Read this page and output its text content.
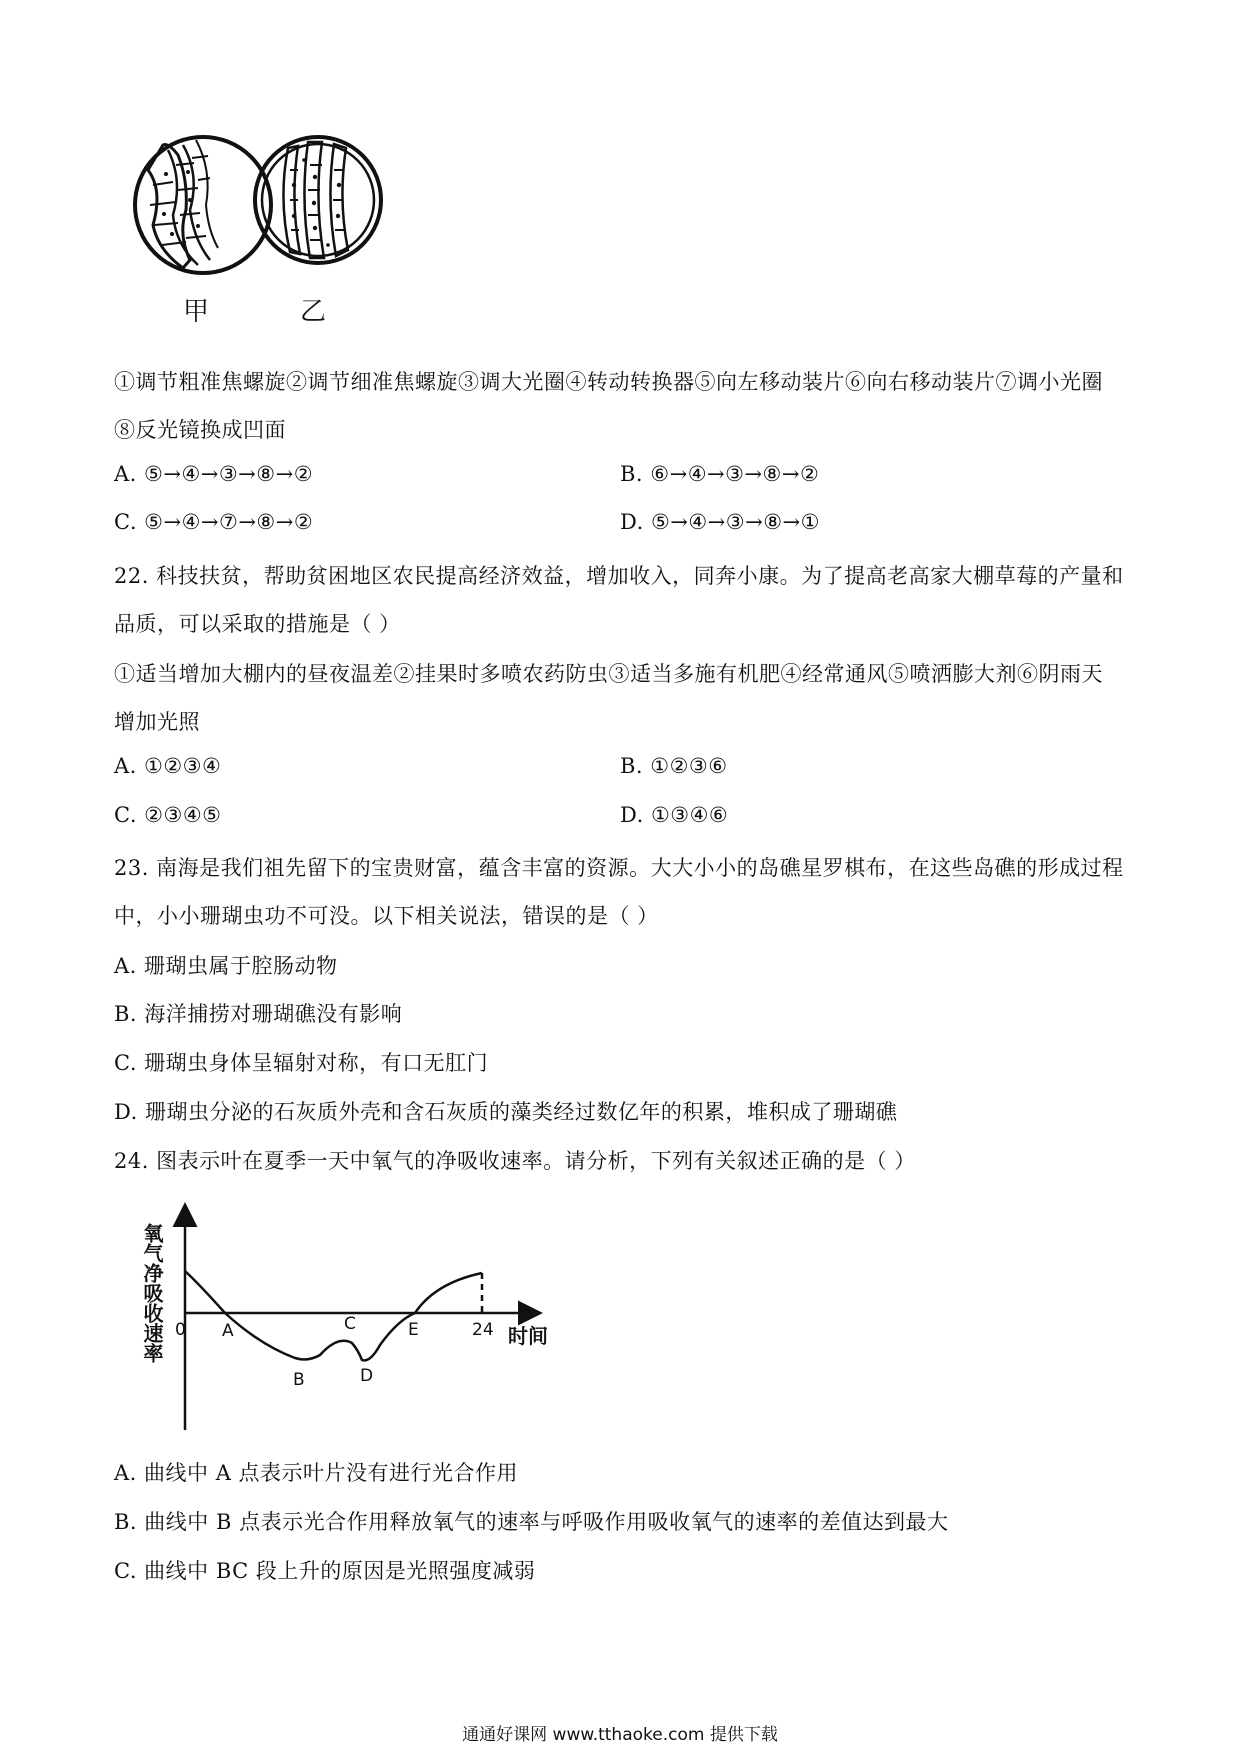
甲	乙
①调节粗准焦螺旋②调节细准焦螺旋③调大光圈④转动转换器⑤向左移动装片⑥向右移动装片⑦调小光圈
⑧反光镜换成凹面
A. ⑤→④→③→⑧→②	B. ⑥→④→③→⑧→②
C. ⑤→④→⑦→⑧→②	D. ⑤→④→③→⑧→①
22. 科技扶贫，帮助贫困地区农民提高经济效益，增加收入，同奔小康。为了提高老高家大棚草莓的产量和
品质，可以采取的措施是（ ）
①适当增加大棚内的昼夜温差②挂果时多喷农药防虫③适当多施有机肥④经常通风⑤喷洒膨大剂⑥阴雨天
增加光照
A. ①②③④	B. ①②③⑥
C. ②③④⑤	D. ①③④⑥
23. 南海是我们祖先留下的宝贵财富，蕴含丰富的资源。大大小小的岛礁星罗棋布，在这些岛礁的形成过程
中，小小珊瑚虫功不可没。以下相关说法，错误的是（ ）
A. 珊瑚虫属于腔肠动物
B. 海洋捕捞对珊瑚礁没有影响
C. 珊瑚虫身体呈辐射对称，有口无肛门
D. 珊瑚虫分泌的石灰质外壳和含石灰质的藻类经过数亿年的积累，堆积成了珊瑚礁
24. 图表示叶在夏季一天中氧气的净吸收速率。请分析，下列有关叙述正确的是（ ）
氧气净吸收速率 0 A
B
C
D
E	24 时间
A. 曲线中 A 点表示叶片没有进行光合作用
B. 曲线中 B 点表示光合作用释放氧气的速率与呼吸作用吸收氧气的速率的差值达到最大
C. 曲线中 BC 段上升的原因是光照强度减弱
通通好课网 www.tthaoke.com 提供下载
